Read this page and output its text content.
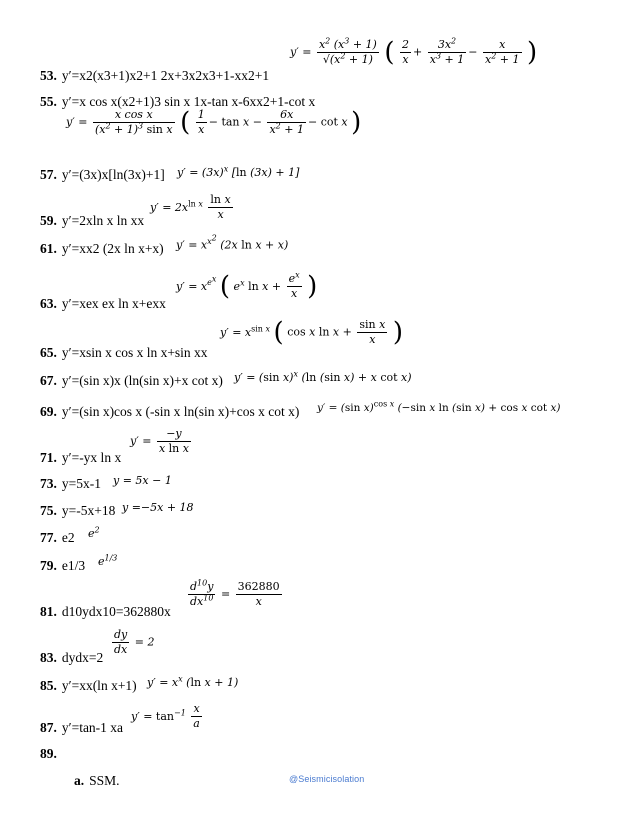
$y' = \frac{x^2 (x^3 + 1)}{√(x^2 + 1)}$ ( $\frac{2}{x} + \frac{3x^2}{x^3 + 1} - \frac{x}{x^2 + 1}$ )
53. y′=x2(x3+1)x2+1 2x+3x2x3+1-xx2+1
55. y′=x cos x(x2+1)3 sin x 1x-tan x-6xx2+1-cot x
$y' = \frac{\text{x cos x}}{(x^2 + 1)^3 \sin x}$ ( $\frac{1}{x} - \tan x - \frac{6x}{x^2 + 1} - \cot x$ )
57. y′=(3x)x[ln(3x)+1] $y' = (3x)^x$ [ln (3x) + 1]
$y' = 2x^{ln x} \frac{\text{ln x}}{x}$
59. y′=2xln x ln xx
61. y′=xx2 (2x ln x+x) $y' = x^{x^2}$ (2x ln x + x)
$y' = x^{e^x}$ ( $e^x$ $\ln x + \frac{e^x}{x}$ )
63. y′=xex ex ln x+exx
$y' = x^{sin x}$ ( cos x $\ln x + \frac{\text{sin x}}{x}$ )
65. y′=xsin x cos x ln x+sin xx
67. y′=(sin x)x (ln(sin x)+x cot x) y′ = (sin x)$^x$ (ln (sin x) + x cot x)
69. y′=(sin x)cos x (-sin x ln(sin x)+cos x cot x) y′ = (sin x)$^{cos x}$ (−sin x ln (sin x) + cos x cot x)
$y' = \frac{-y}{\text{x ln x}}$
71. y′=-yx ln x
73. y=5x-1 y = 5x − 1
75. y=-5x+18 y =−5x + 18
77. e2 $e^2$
79. e1/3 $e^{1/3}$
$\frac{d^{10}y}{dx^{10}} = \frac{362880}{x}$
81. d10ydx10=362880x
$\frac{dy}{dx} = 2$
83. dydx=2
85. y′=xx(ln x+1) $y' = x^x$ (ln x + 1)
$y' = \tan^{-1} \frac{x}{a}$
87. y′=tan-1 xa
89.
a. SSM.	@Seismicisolation
